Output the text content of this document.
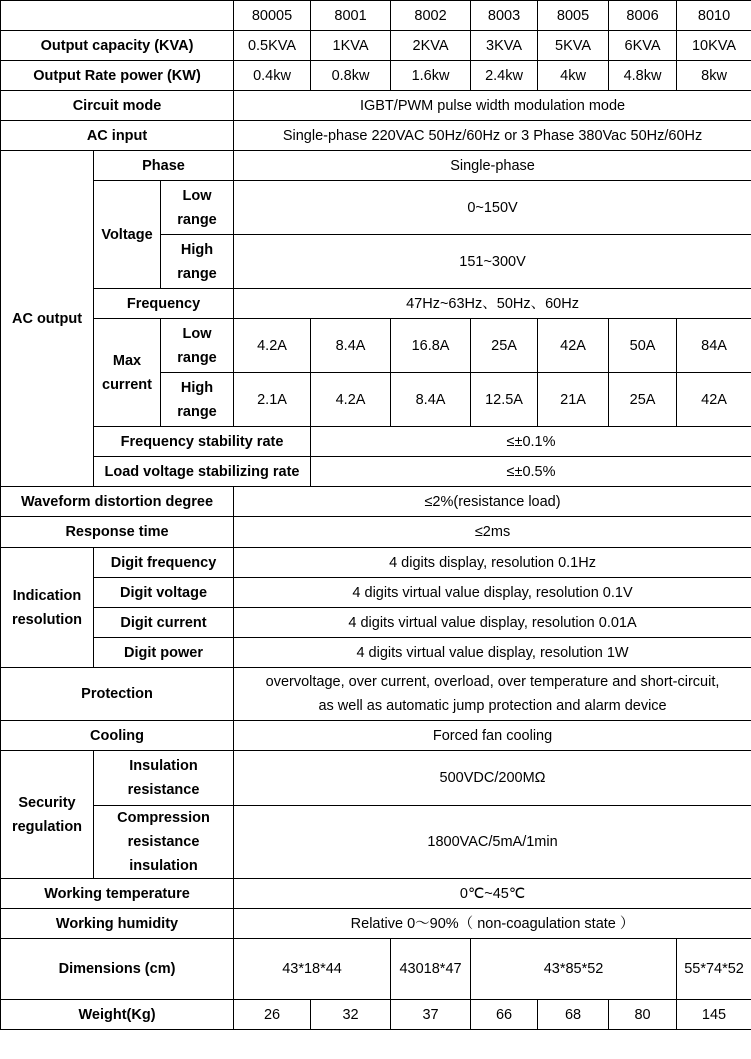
			80005	8001	8002	8003	8005	8006	8010
Output capacity (KVA)			0.5KVA	1KVA	2KVA	3KVA	5KVA	6KVA	10KVA
Output Rate power (KW)			0.4kw	0.8kw	1.6kw	2.4kw	4kw	4.8kw	8kw
Circuit mode			IGBT/PWM pulse width modulation mode						
AC input			Single-phase 220VAC 50Hz/60Hz or 3 Phase 380Vac 50Hz/60Hz						
AC output	Phase		Single-phase						
	Voltage	Low range	0~150V						
		High range	151~300V						
	Frequency		47Hz~63Hz、50Hz、60Hz						
	Max current	Low range	4.2A	8.4A	16.8A	25A	42A	50A	84A
		High range	2.1A	4.2A	8.4A	12.5A	21A	25A	42A
	Frequency stability rate			≤±0.1%					
	Load voltage stabilizing rate			≤±0.5%					
Waveform distortion degree			≤2%(resistance load)						
Response time			≤2ms						
Indication resolution	Digit frequency		4 digits display, resolution 0.1Hz						
	Digit voltage		4 digits virtual value display, resolution 0.1V						
	Digit current		4 digits virtual value display, resolution 0.01A						
	Digit power		4 digits virtual value display, resolution 1W						
Protection			overvoltage, over current, overload, over temperature and short-circuit,
as well as automatic jump protection and alarm device						

Cooling			Forced fan cooling						
Security regulation	Insulation resistance		500VDC/200MΩ						
	Compression resistance insulation		1800VAC/5mA/1min						
Working temperature			0℃~45℃						
Working humidity			Relative 0～90%（ non-coagulation state ）						
Dimensions (cm)			43*18*44		43018*47	43*85*52			55*74*52
Weight(Kg)			26	32	37	66	68	80	145
